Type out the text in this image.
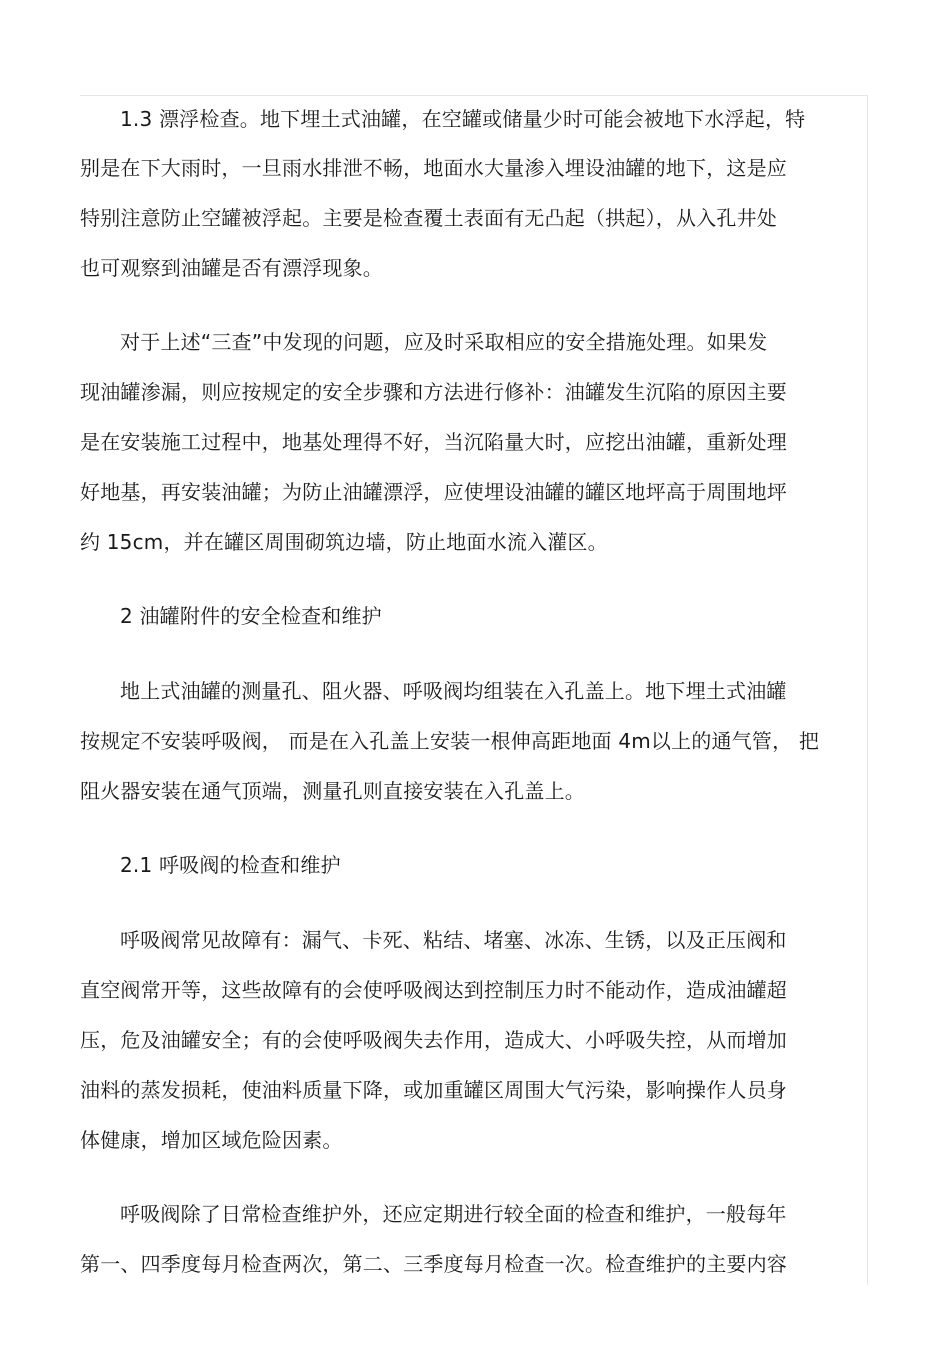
1.3 漂浮检查。地下埋土式油罐，在空罐或储量少时可能会被地下水浮起，特
别是在下大雨时，一旦雨水排泄不畅，地面水大量渗入埋设油罐的地下，这是应
特别注意防止空罐被浮起。主要是检查覆土表面有无凸起（拱起），从入孔井处
也可观察到油罐是否有漂浮现象。
对于上述“三查”中发现的问题，应及时采取相应的安全措施处理。如果发
现油罐渗漏，则应按规定的安全步骤和方法进行修补：油罐发生沉陷的原因主要
是在安装施工过程中，地基处理得不好，当沉陷量大时，应挖出油罐，重新处理
好地基，再安装油罐；为防止油罐漂浮，应使埋设油罐的罐区地坪高于周围地坪
约 15cm，并在罐区周围砌筑边墙，防止地面水流入灌区。
2 油罐附件的安全检查和维护
地上式油罐的测量孔、阻火器、呼吸阀均组装在入孔盖上。地下埋土式油罐
按规定不安装呼吸阀， 而是在入孔盖上安装一根伸高距地面 4m以上的通气管， 把
阻火器安装在通气顶端，测量孔则直接安装在入孔盖上。
2.1 呼吸阀的检查和维护
呼吸阀常见故障有：漏气、卡死、粘结、堵塞、冰冻、生锈，以及正压阀和
直空阀常开等，这些故障有的会使呼吸阀达到控制压力时不能动作，造成油罐超
压，危及油罐安全；有的会使呼吸阀失去作用，造成大、小呼吸失控，从而增加
油料的蒸发损耗，使油料质量下降，或加重罐区周围大气污染，影响操作人员身
体健康，增加区域危险因素。
呼吸阀除了日常检查维护外，还应定期进行较全面的检查和维护，一般每年
第一、四季度每月检查两次，第二、三季度每月检查一次。检查维护的主要内容
